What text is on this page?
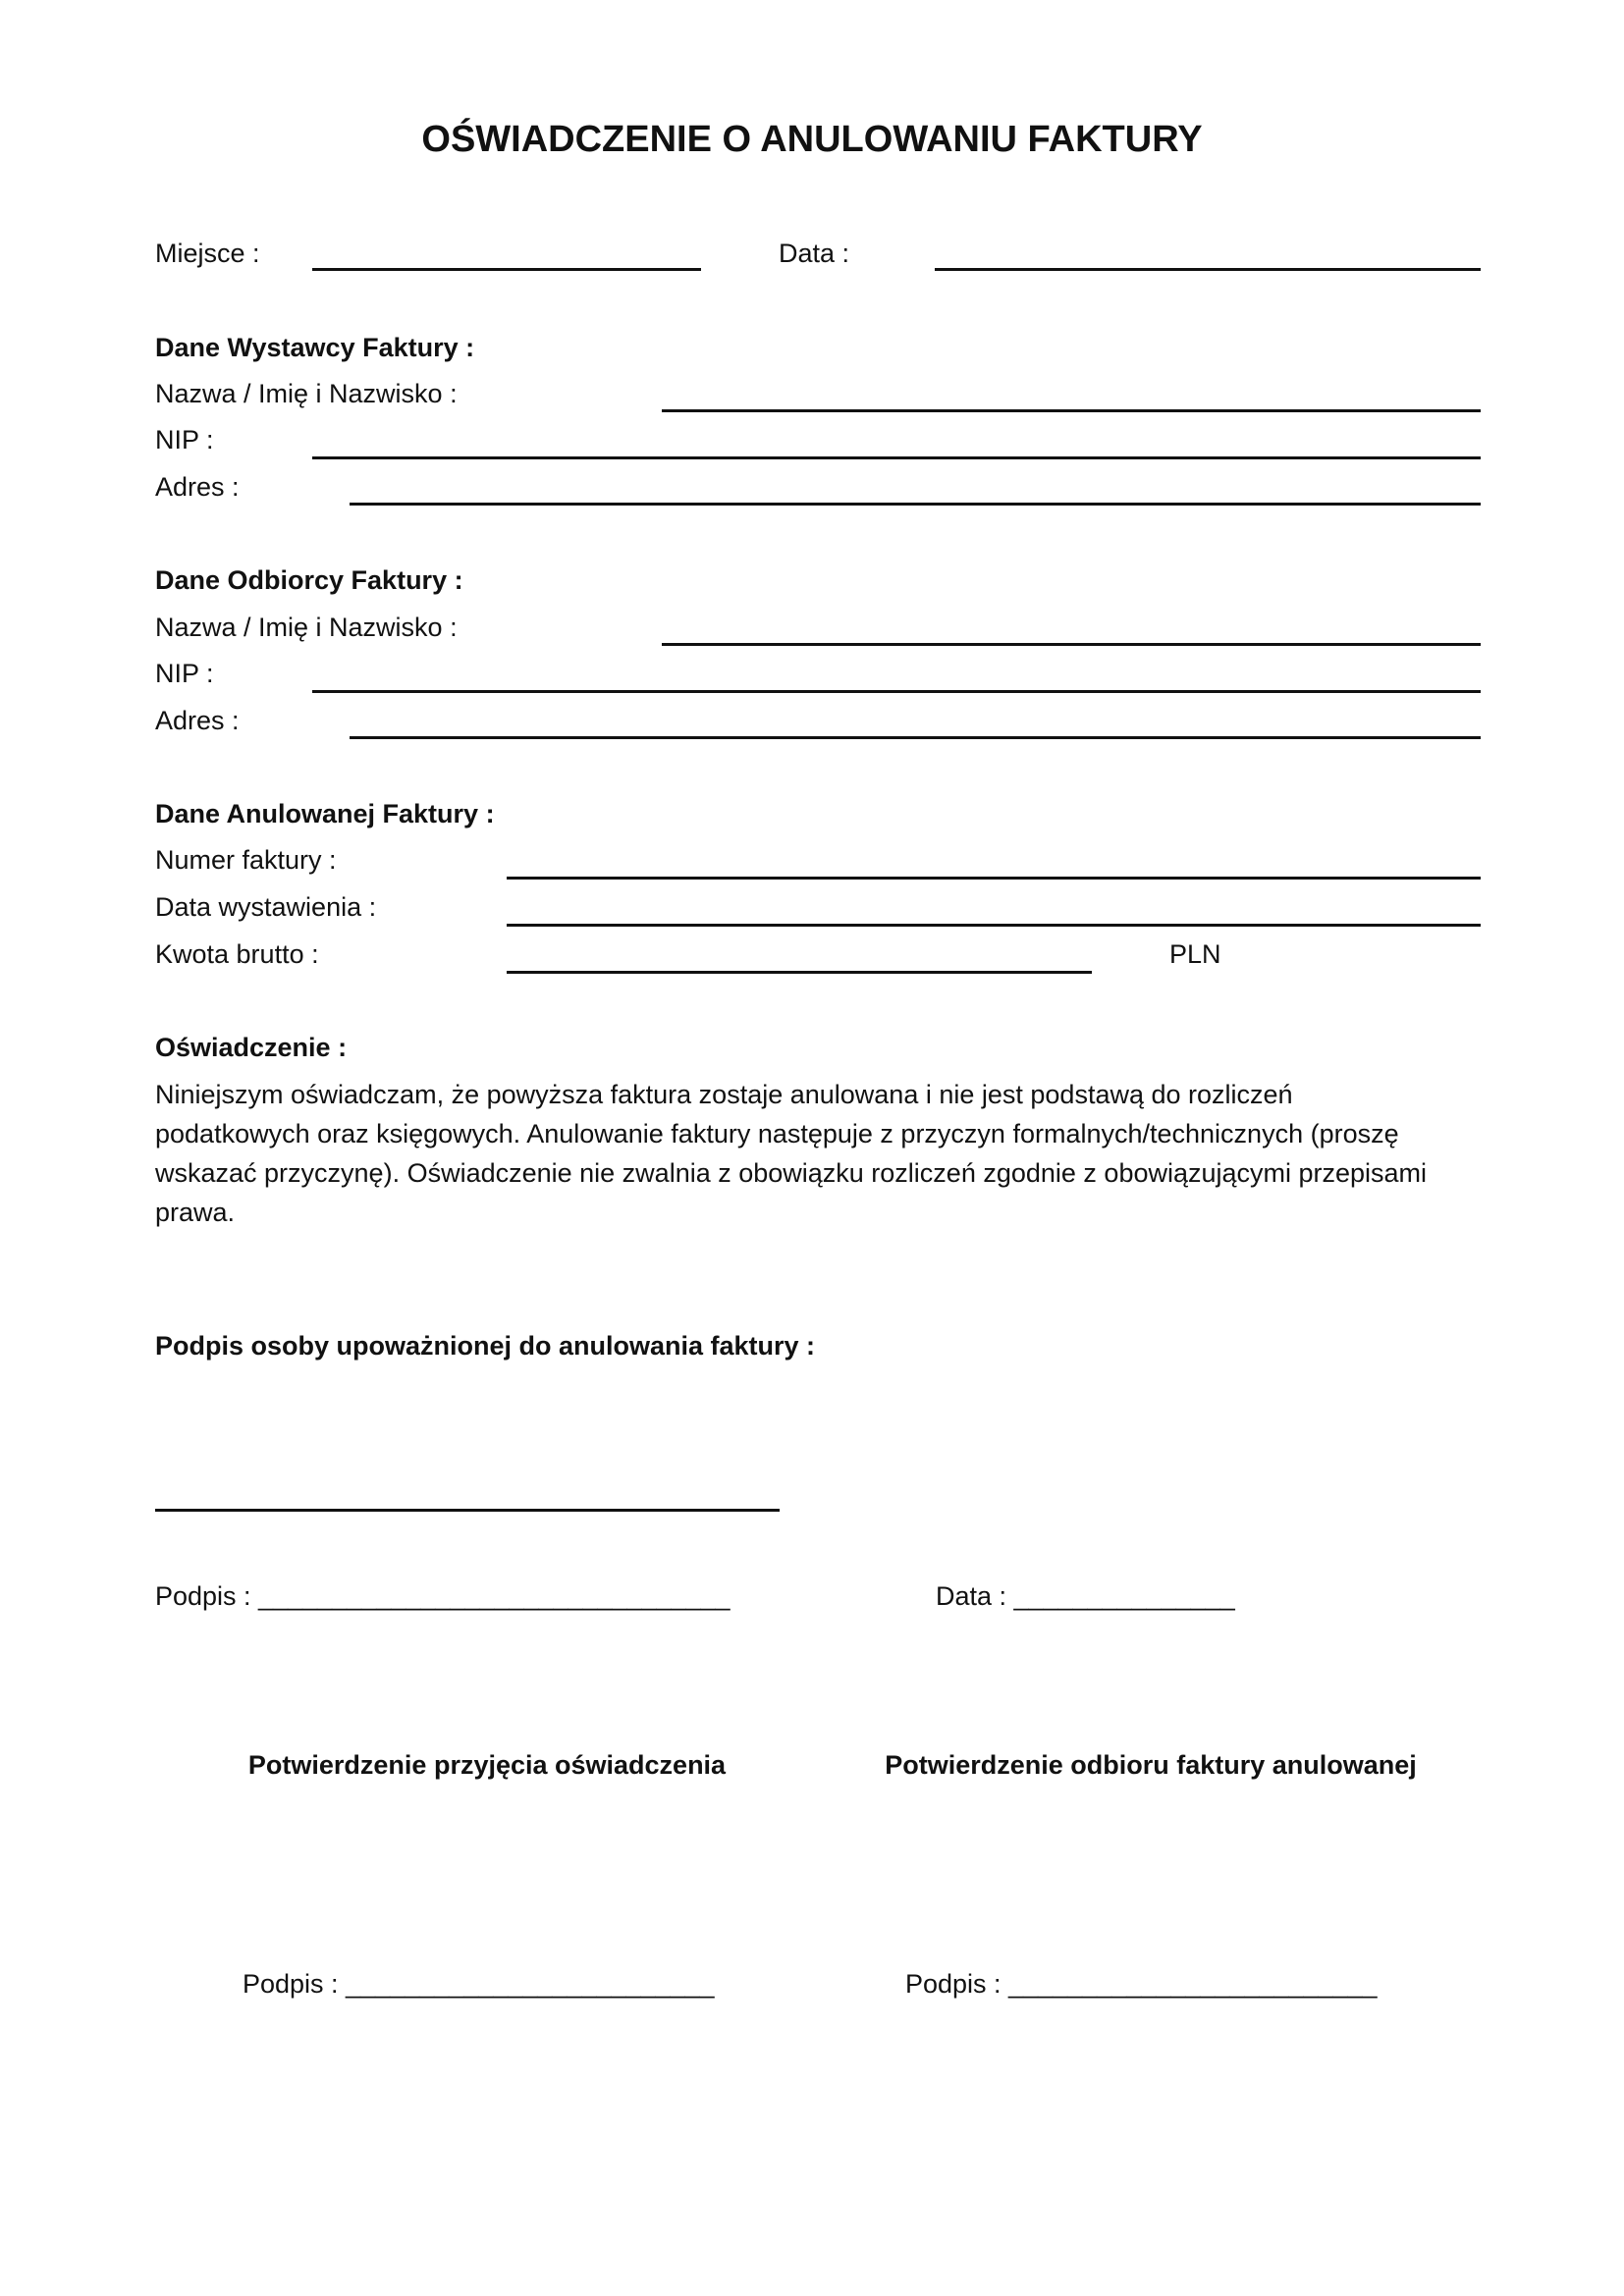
OŚWIADCZENIE O ANULOWANIU FAKTURY
Miejsce :	Data :
Dane Wystawcy Faktury :
Nazwa / Imię i Nazwisko :
NIP :
Adres :
Dane Odbiorcy Faktury :
Nazwa / Imię i Nazwisko :
NIP :
Adres :
Dane Anulowanej Faktury :
Numer faktury :
Data wystawienia :
Kwota brutto :	PLN
Oświadczenie :
Niniejszym oświadczam, że powyższa faktura zostaje anulowana i nie jest podstawą do rozliczeń
podatkowych oraz księgowych. Anulowanie faktury następuje z przyczyn formalnych/technicznych (proszę
wskazać przyczynę). Oświadczenie nie zwalnia z obowiązku rozliczeń zgodnie z obowiązującymi przepisami
prawa.
Podpis osoby upoważnionej do anulowania faktury :
Podpis : ________________________________	Data : _______________
Potwierdzenie przyjęcia oświadczenia	Potwierdzenie odbioru faktury anulowanej
Podpis : _________________________	Podpis : _________________________
